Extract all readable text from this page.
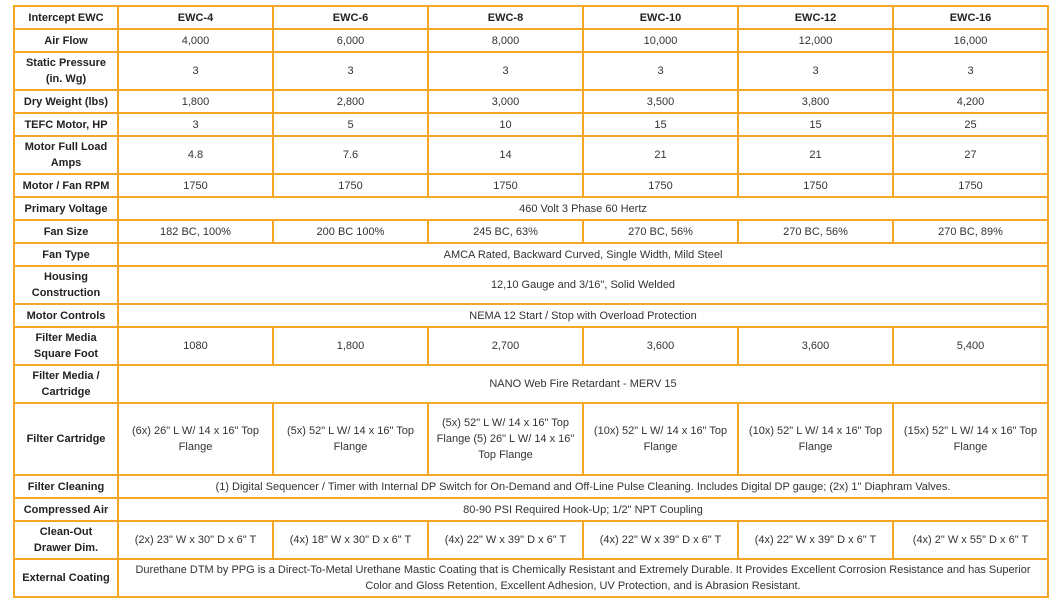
Intercept EWC	EWC-4	EWC-6	EWC-8	EWC-10	EWC-12	EWC-16
Air Flow	4,000	6,000	8,000	10,000	12,000	16,000
Static Pressure (in. Wg)	3	3	3	3	3	3
Dry Weight (lbs)	1,800	2,800	3,000	3,500	3,800	4,200
TEFC Motor, HP	3	5	10	15	15	25
Motor Full Load Amps	4.8	7.6	14	21	21	27
Motor / Fan RPM	1750	1750	1750	1750	1750	1750
Primary Voltage	460 Volt 3 Phase 60 Hertz					
Fan Size	182 BC, 100%	200 BC 100%	245 BC, 63%	270 BC, 56%	270 BC, 56%	270 BC, 89%
Fan Type	AMCA Rated, Backward Curved, Single Width, Mild Steel					
Housing Construction	12,10 Gauge and 3/16", Solid Welded					
Motor Controls	NEMA 12 Start / Stop with Overload Protection					
Filter Media Square Foot	1080	1,800	2,700	3,600	3,600	5,400
Filter Media / Cartridge	NANO Web Fire Retardant - MERV 15					
Filter Cartridge	(6x) 26" L W/ 14 x 16" Top Flange	(5x) 52" L W/ 14 x 16" Top Flange	(5x) 52" L W/ 14 x 16" Top Flange (5) 26" L W/ 14 x 16" Top Flange	(10x) 52" L W/ 14 x 16" Top Flange	(10x) 52" L W/ 14 x 16" Top Flange	(15x) 52" L W/ 14 x 16" Top Flange
Filter Cleaning	(1) Digital Sequencer / Timer with Internal DP Switch for On-Demand and Off-Line Pulse Cleaning. Includes Digital DP gauge; (2x) 1" Diaphram Valves.					
Compressed Air	80-90 PSI Required Hook-Up; 1/2" NPT Coupling					
Clean-Out Drawer Dim.	(2x) 23" W x 30" D x 6" T	(4x) 18" W x 30" D x 6" T	(4x) 22" W x 39" D x 6" T	(4x) 22" W x 39" D x 6" T	(4x) 22" W x 39" D x 6" T	(4x) 2" W x 55" D x 6" T
External Coating	Durethane DTM by PPG is a Direct-To-Metal Urethane Mastic Coating that is Chemically Resistant and Extremely Durable. It Provides Excellent Corrosion Resistance and has Superior Color and Gloss Retention, Excellent Adhesion, UV Protection, and is Abrasion Resistant.					
